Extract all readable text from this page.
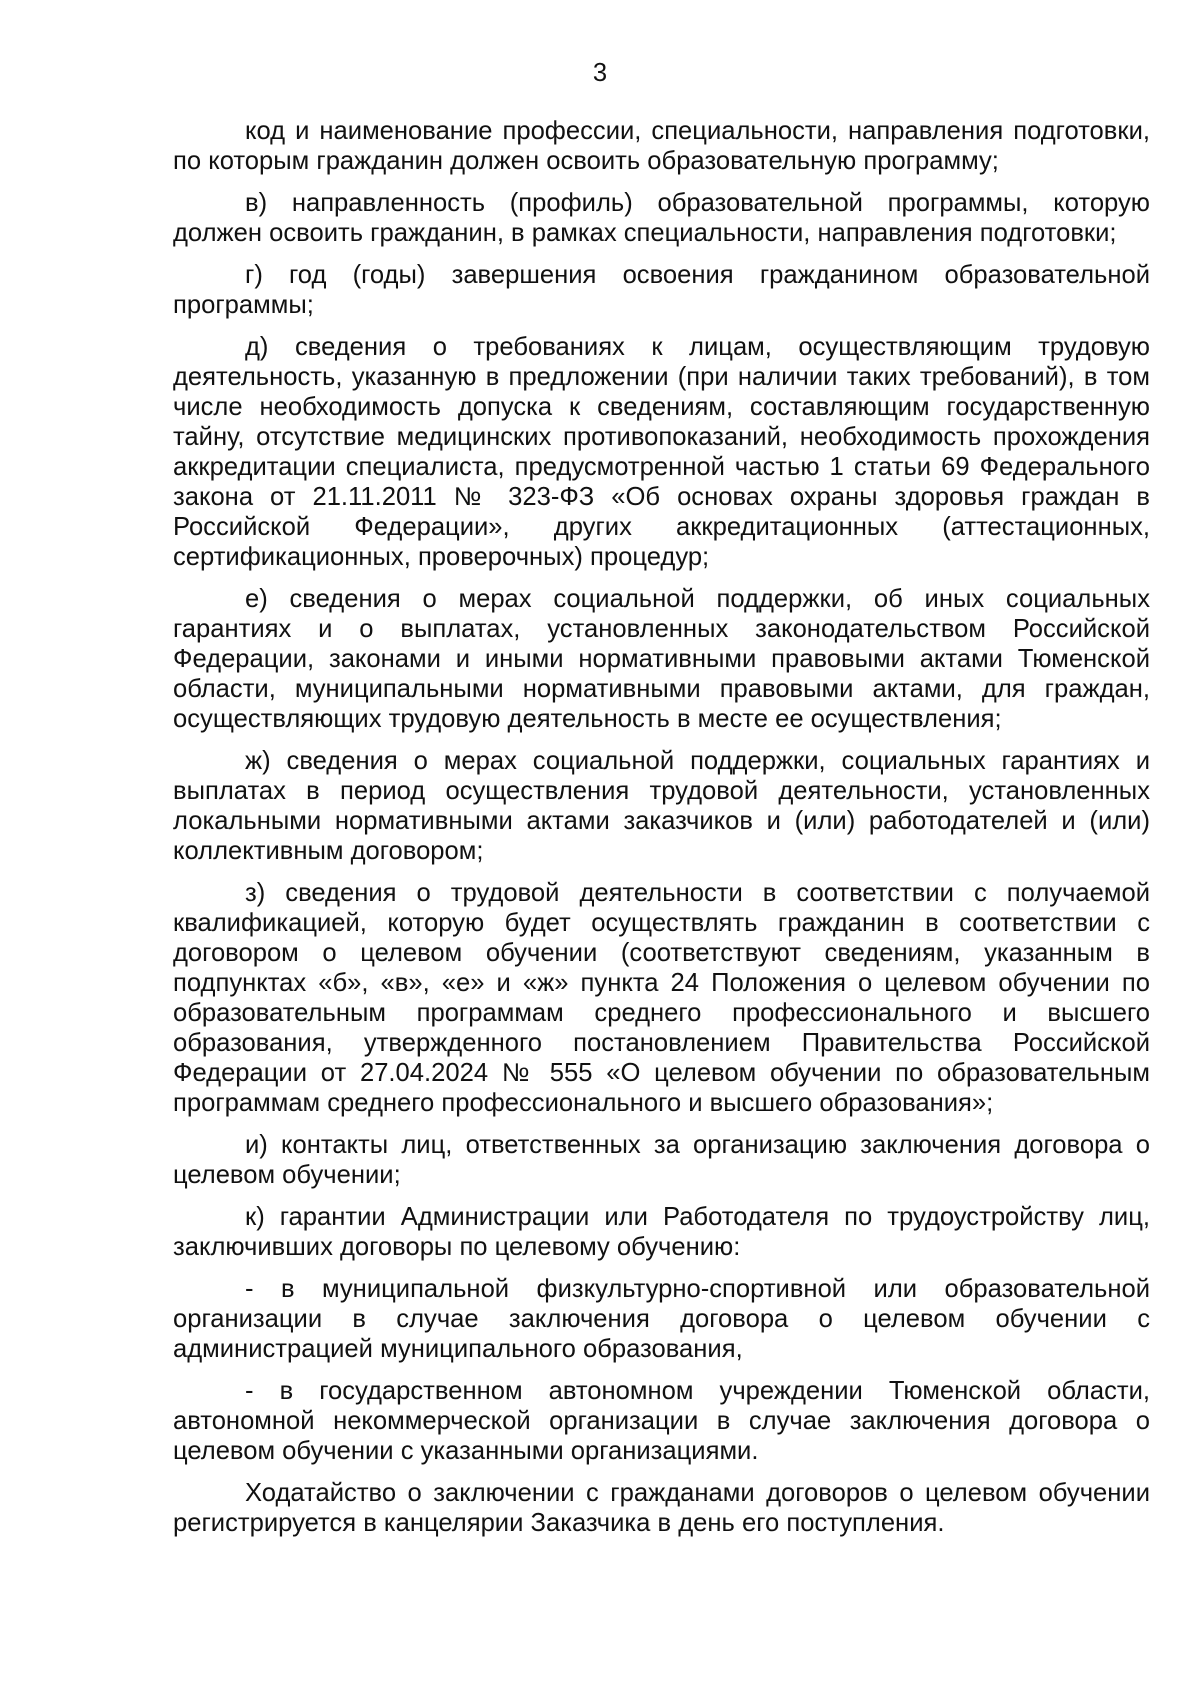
3

код и наименование профессии, специальности, направления подготовки, по которым гражданин должен освоить образовательную программу;

в) направленность (профиль) образовательной программы, которую должен освоить гражданин, в рамках специальности, направления подготовки;

г) год (годы) завершения освоения гражданином образовательной программы;

д) сведения о требованиях к лицам, осуществляющим трудовую деятельность, указанную в предложении (при наличии таких требований), в том числе необходимость допуска к сведениям, составляющим государственную тайну, отсутствие медицинских противопоказаний, необходимость прохождения аккредитации специалиста, предусмотренной частью 1 статьи 69 Федерального закона от 21.11.2011 № 323-ФЗ «Об основах охраны здоровья граждан в Российской Федерации», других аккредитационных (аттестационных, сертификационных, проверочных) процедур;

е) сведения о мерах социальной поддержки, об иных социальных гарантиях и о выплатах, установленных законодательством Российской Федерации, законами и иными нормативными правовыми актами Тюменской области, муниципальными нормативными правовыми актами, для граждан, осуществляющих трудовую деятельность в месте ее осуществления;

ж) сведения о мерах социальной поддержки, социальных гарантиях и выплатах в период осуществления трудовой деятельности, установленных локальными нормативными актами заказчиков и (или) работодателей и (или) коллективным договором;

з) сведения о трудовой деятельности в соответствии с получаемой квалификацией, которую будет осуществлять гражданин в соответствии с договором о целевом обучении (соответствуют сведениям, указанным в подпунктах «б», «в», «е» и «ж» пункта 24 Положения о целевом обучении по образовательным программам среднего профессионального и высшего образования, утвержденного постановлением Правительства Российской Федерации от 27.04.2024 № 555 «О целевом обучении по образовательным программам среднего профессионального и высшего образования»;

и) контакты лиц, ответственных за организацию заключения договора о целевом обучении;

к) гарантии Администрации или Работодателя по трудоустройству лиц, заключивших договоры по целевому обучению:

- в муниципальной физкультурно-спортивной или образовательной организации в случае заключения договора о целевом обучении с администрацией муниципального образования,

- в государственном автономном учреждении Тюменской области, автономной некоммерческой организации в случае заключения договора о целевом обучении с указанными организациями.

Ходатайство о заключении с гражданами договоров о целевом обучении регистрируется в канцелярии Заказчика в день его поступления.
